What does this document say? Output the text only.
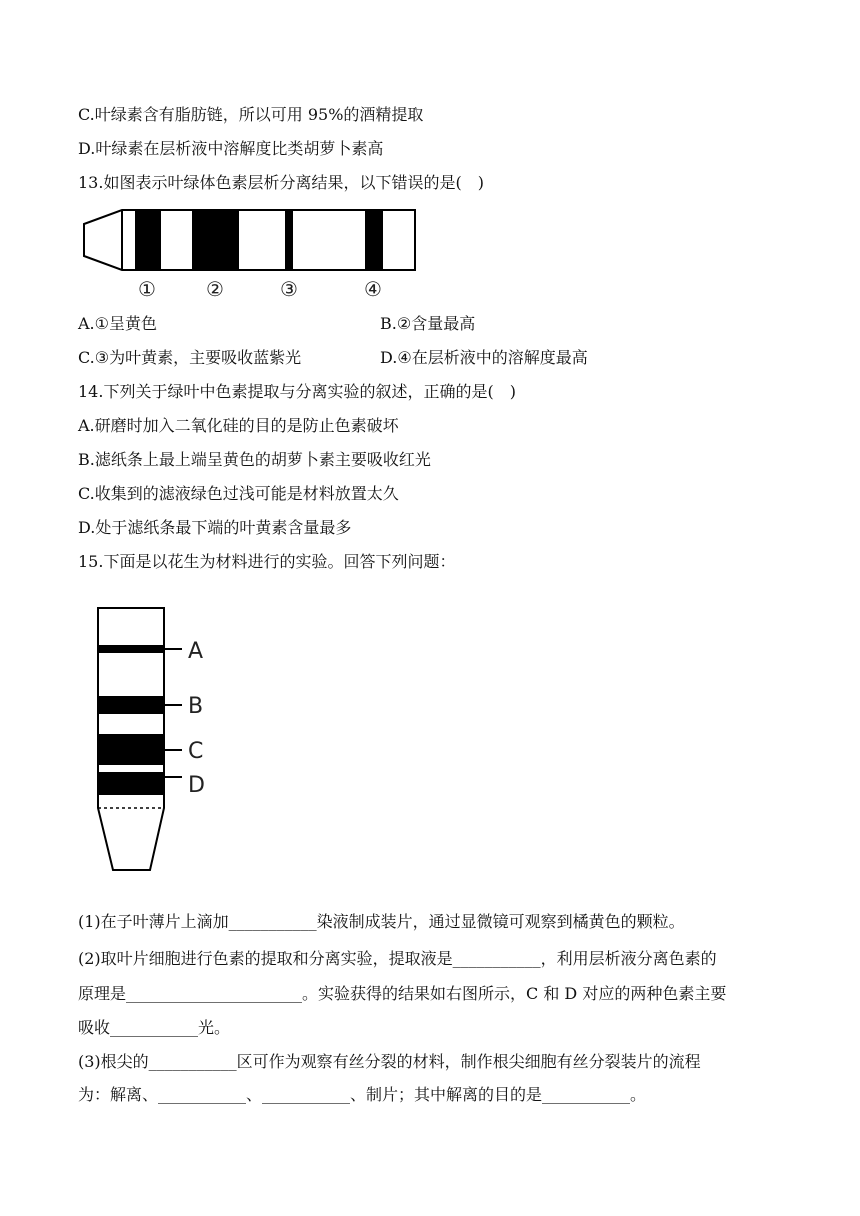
C.叶绿素含有脂肪链，所以可用 95%的酒精提取
D.叶绿素在层析液中溶解度比类胡萝卜素高
13.如图表示叶绿体色素层析分离结果，以下错误的是(　)
①	②	③	④
A.①呈黄色	B.②含量最高
C.③为叶黄素，主要吸收蓝紫光	D.④在层析液中的溶解度最高
14.下列关于绿叶中色素提取与分离实验的叙述，正确的是(　)
A.研磨时加入二氧化硅的目的是防止色素破坏
B.滤纸条上最上端呈黄色的胡萝卜素主要吸收红光
C.收集到的滤液绿色过浅可能是材料放置太久
D.处于滤纸条最下端的叶黄素含量最多
15.下面是以花生为材料进行的实验。回答下列问题：
A
B
C
D
(1)在子叶薄片上滴加___________染液制成装片，通过显微镜可观察到橘黄色的颗粒。
(2)取叶片细胞进行色素的提取和分离实验，提取液是___________，利用层析液分离色素的
原理是______________________。实验获得的结果如右图所示，C 和 D 对应的两种色素主要
吸收___________光。
(3)根尖的___________区可作为观察有丝分裂的材料，制作根尖细胞有丝分裂装片的流程
为：解离、___________、___________、制片；其中解离的目的是___________。
